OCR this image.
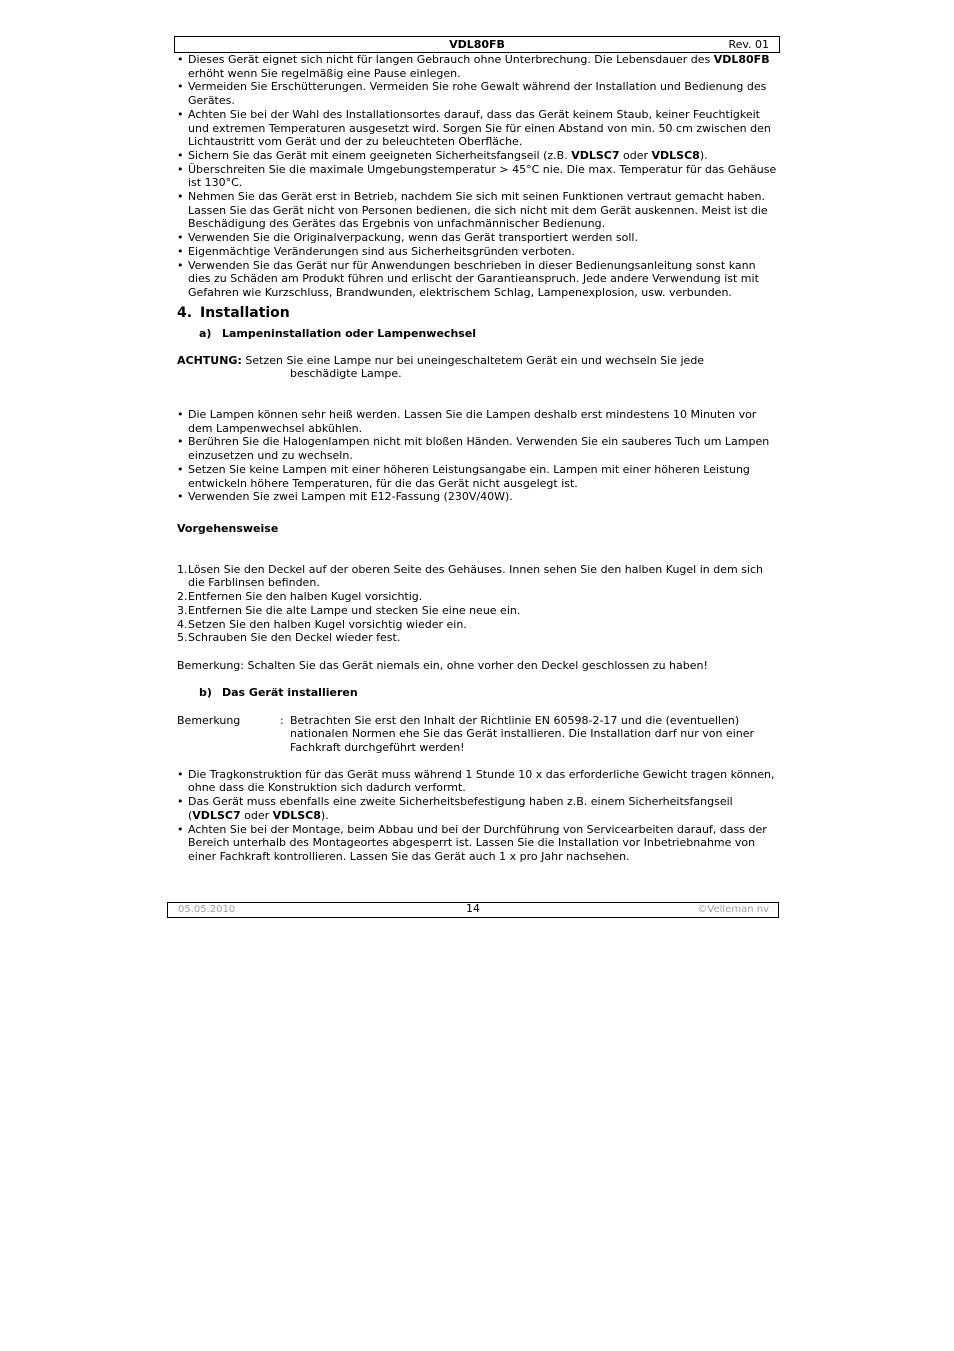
VDL80FB	Rev. 01
• Dieses Gerät eignet sich nicht für langen Gebrauch ohne Unterbrechung. Die Lebensdauer des VDL80FB erhöht wenn Sie regelmäßig eine Pause einlegen.
• Vermeiden Sie Erschütterungen. Vermeiden Sie rohe Gewalt während der Installation und Bedienung des Gerätes.
• Achten Sie bei der Wahl des Installationsortes darauf, dass das Gerät keinem Staub, keiner Feuchtigkeit und extremen Temperaturen ausgesetzt wird. Sorgen Sie für einen Abstand von min. 50 cm zwischen den Lichtaustritt vom Gerät und der zu beleuchteten Oberfläche.
• Sichern Sie das Gerät mit einem geeigneten Sicherheitsfangseil (z.B. VDLSC7 oder VDLSC8).
• Überschreiten Sie die maximale Umgebungstemperatur > 45°C nie. Die max. Temperatur für das Gehäuse ist 130°C.
• Nehmen Sie das Gerät erst in Betrieb, nachdem Sie sich mit seinen Funktionen vertraut gemacht haben. Lassen Sie das Gerät nicht von Personen bedienen, die sich nicht mit dem Gerät auskennen. Meist ist die Beschädigung des Gerätes das Ergebnis von unfachmännischer Bedienung.
• Verwenden Sie die Originalverpackung, wenn das Gerät transportiert werden soll.
• Eigenmächtige Veränderungen sind aus Sicherheitsgründen verboten.
• Verwenden Sie das Gerät nur für Anwendungen beschrieben in dieser Bedienungsanleitung sonst kann dies zu Schäden am Produkt führen und erlischt der Garantieanspruch. Jede andere Verwendung ist mit Gefahren wie Kurzschluss, Brandwunden, elektrischem Schlag, Lampenexplosion, usw. verbunden.
4. Installation
a) Lampeninstallation oder Lampenwechsel

ACHTUNG: Setzen Sie eine Lampe nur bei uneingeschaltetem Gerät ein und wechseln Sie jede

beschädigte Lampe.

• Die Lampen können sehr heiß werden. Lassen Sie die Lampen deshalb erst mindestens 10 Minuten vor dem Lampenwechsel abkühlen.
• Berühren Sie die Halogenlampen nicht mit bloßen Händen. Verwenden Sie ein sauberes Tuch um Lampen einzusetzen und zu wechseln.
• Setzen Sie keine Lampen mit einer höheren Leistungsangabe ein. Lampen mit einer höheren Leistung entwickeln höhere Temperaturen, für die das Gerät nicht ausgelegt ist.
• Verwenden Sie zwei Lampen mit E12-Fassung (230V/40W).

Vorgehensweise

1. Lösen Sie den Deckel auf der oberen Seite des Gehäuses. Innen sehen Sie den halben Kugel in dem sich die Farblinsen befinden.
2. Entfernen Sie den halben Kugel vorsichtig.
3. Entfernen Sie die alte Lampe und stecken Sie eine neue ein.
4. Setzen Sie den halben Kugel vorsichtig wieder ein.
5. Schrauben Sie den Deckel wieder fest.

Bemerkung: Schalten Sie das Gerät niemals ein, ohne vorher den Deckel geschlossen zu haben!

b) Das Gerät installieren
Bemerkung	: Betrachten Sie erst den Inhalt der Richtlinie EN 60598-2-17 und die (eventuellen) nationalen Normen ehe Sie das Gerät installieren. Die Installation darf nur von einer Fachkraft durchgeführt werden!

• Die Tragkonstruktion für das Gerät muss während 1 Stunde 10 x das erforderliche Gewicht tragen können, ohne dass die Konstruktion sich dadurch verformt.
• Das Gerät muss ebenfalls eine zweite Sicherheitsbefestigung haben z.B. einem Sicherheitsfangseil (VDLSC7 oder VDLSC8).
• Achten Sie bei der Montage, beim Abbau und bei der Durchführung von Servicearbeiten darauf, dass der Bereich unterhalb des Montageortes abgesperrt ist. Lassen Sie die Installation vor Inbetriebnahme von einer Fachkraft kontrollieren. Lassen Sie das Gerät auch 1 x pro Jahr nachsehen.
05.05.2010	14	©Velleman nv
